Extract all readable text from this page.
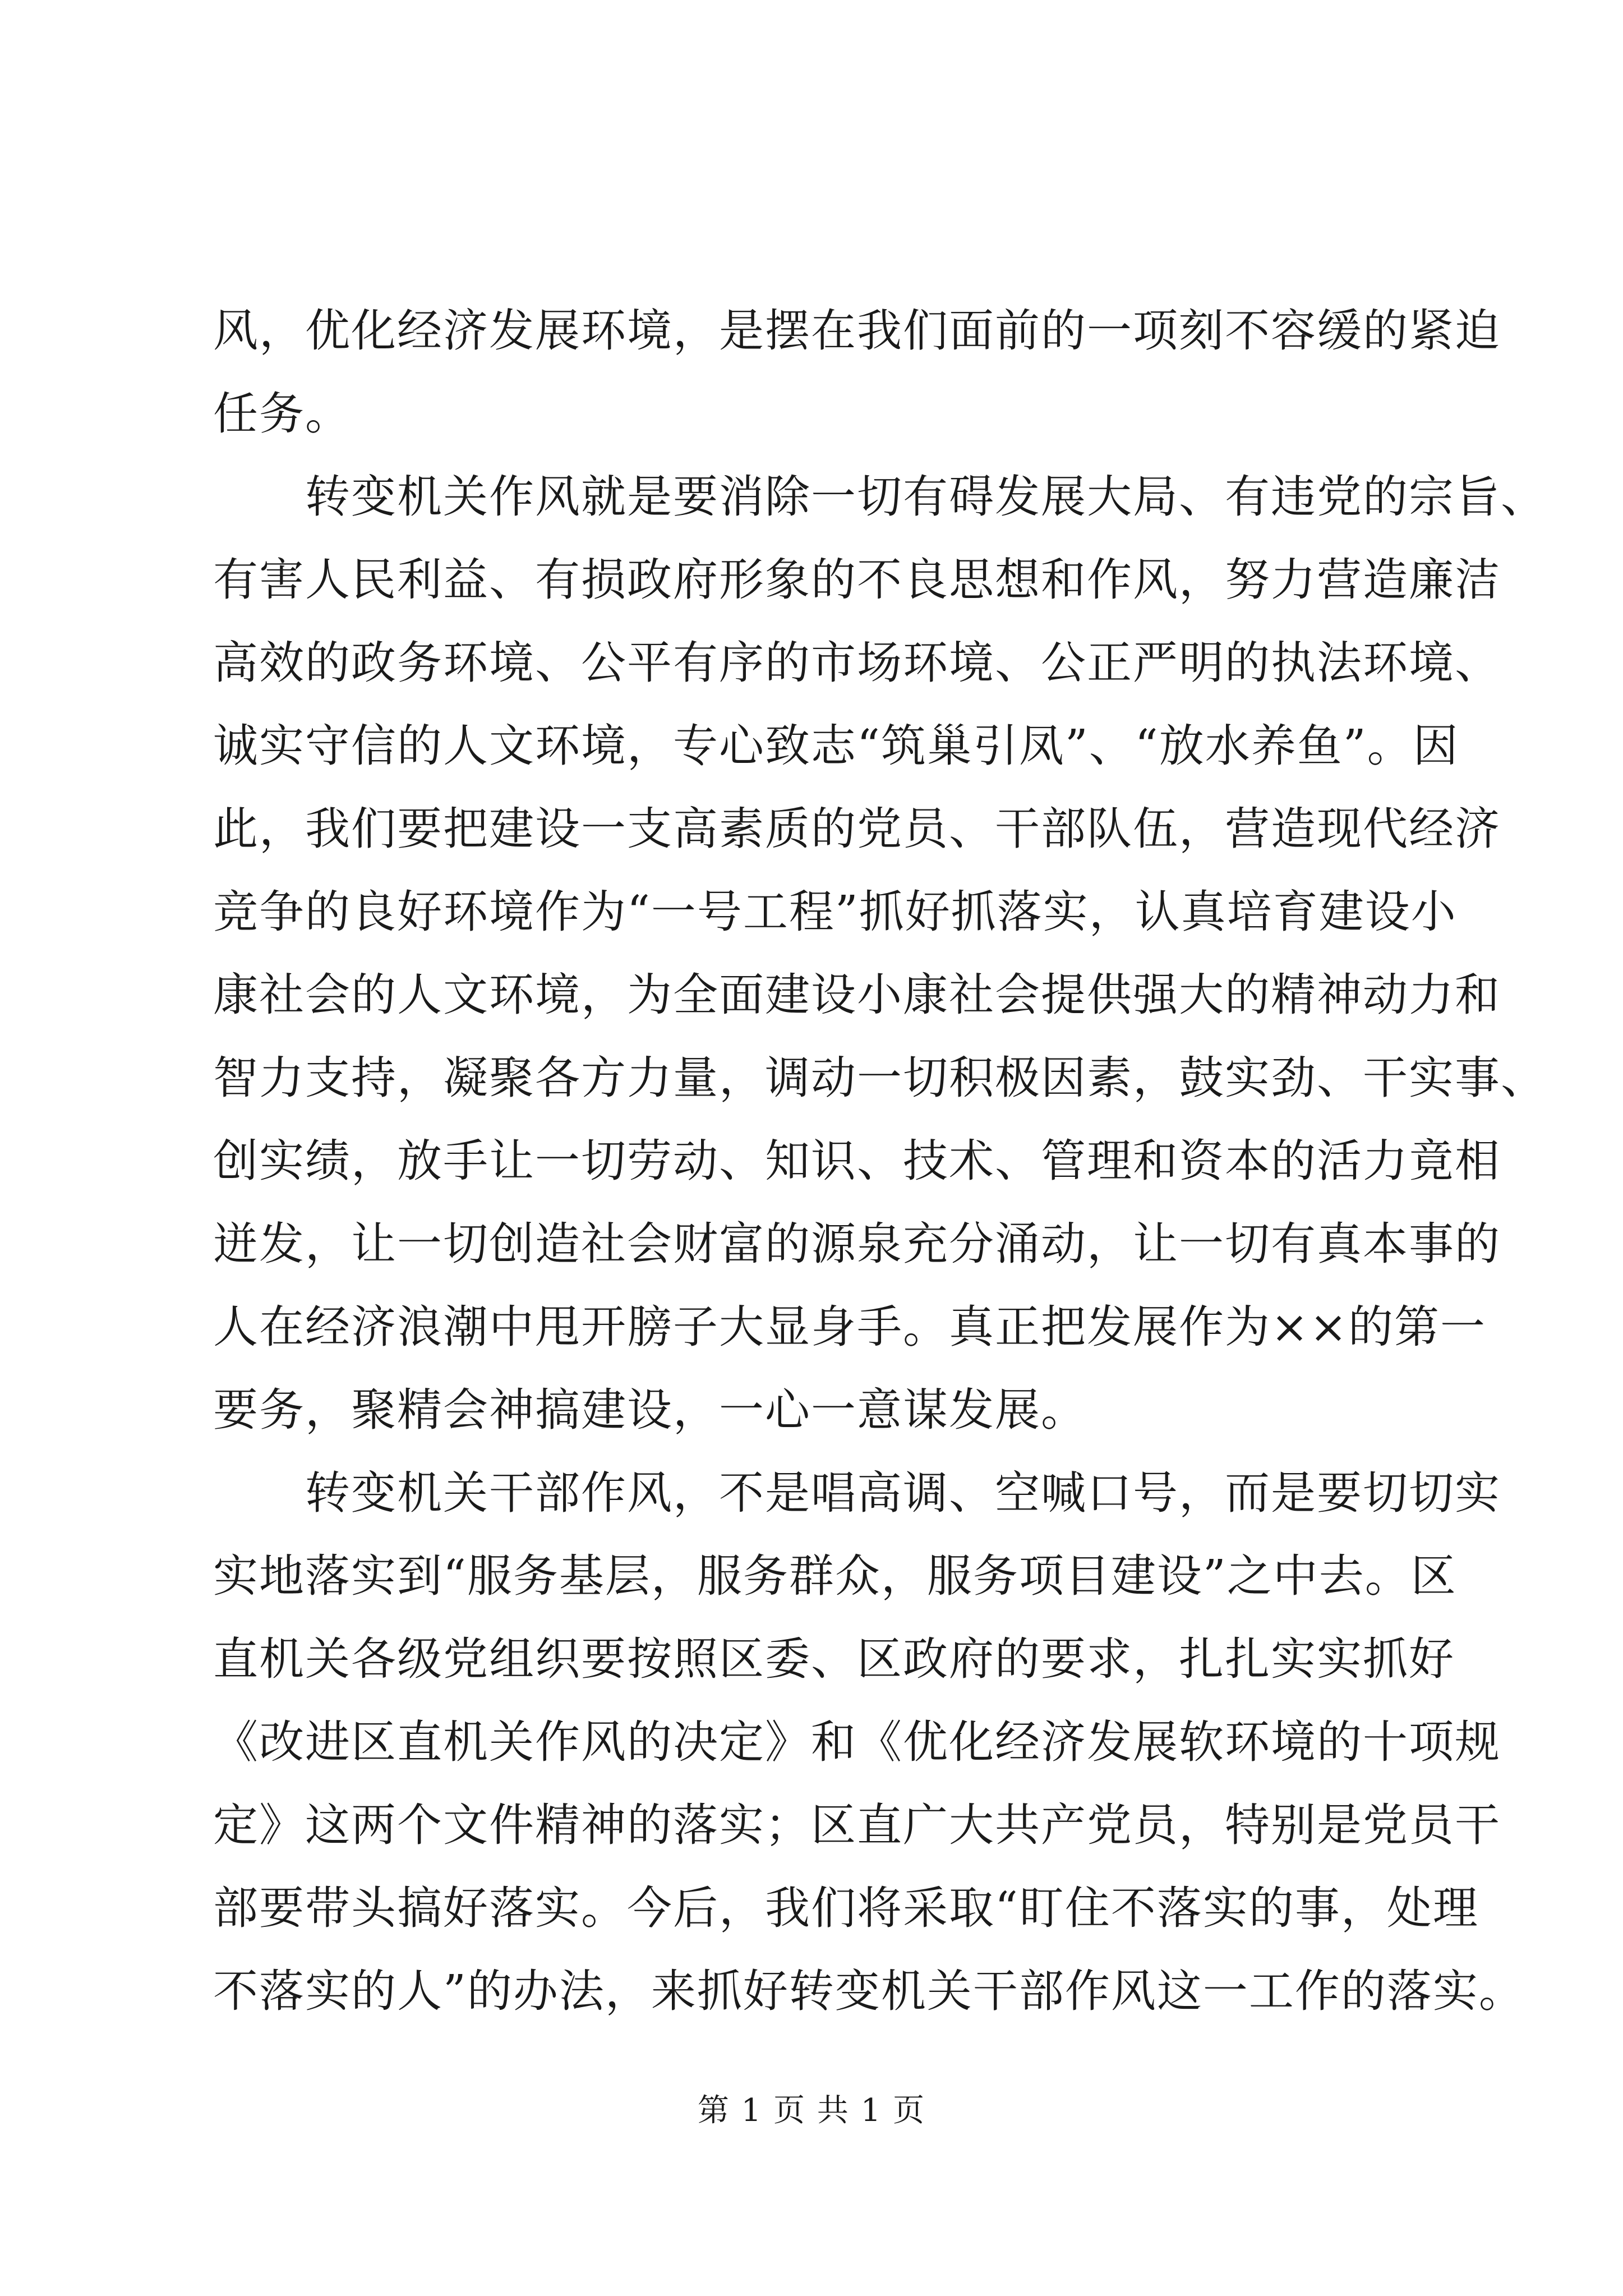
风，优化经济发展环境，是摆在我们面前的一项刻不容缓的紧迫
任务。
　　转变机关作风就是要消除一切有碍发展大局、有违党的宗旨、
有害人民利益、有损政府形象的不良思想和作风，努力营造廉洁
高效的政务环境、公平有序的市场环境、公正严明的执法环境、
诚实守信的人文环境，专心致志“筑巢引凤”、“放水养鱼”。因
此，我们要把建设一支高素质的党员、干部队伍，营造现代经济
竞争的良好环境作为“一号工程”抓好抓落实，认真培育建设小
康社会的人文环境，为全面建设小康社会提供强大的精神动力和
智力支持，凝聚各方力量，调动一切积极因素，鼓实劲、干实事、
创实绩，放手让一切劳动、知识、技术、管理和资本的活力竟相
迸发，让一切创造社会财富的源泉充分涌动，让一切有真本事的
人在经济浪潮中甩开膀子大显身手。真正把发展作为××的第一
要务，聚精会神搞建设，一心一意谋发展。
　　转变机关干部作风，不是唱高调、空喊口号，而是要切切实
实地落实到“服务基层，服务群众，服务项目建设”之中去。区
直机关各级党组织要按照区委、区政府的要求，扎扎实实抓好
《改进区直机关作风的决定》和《优化经济发展软环境的十项规
定》这两个文件精神的落实；区直广大共产党员，特别是党员干
部要带头搞好落实。今后，我们将采取“盯住不落实的事，处理
不落实的人”的办法，来抓好转变机关干部作风这一工作的落实。
第 1 页 共 1 页
